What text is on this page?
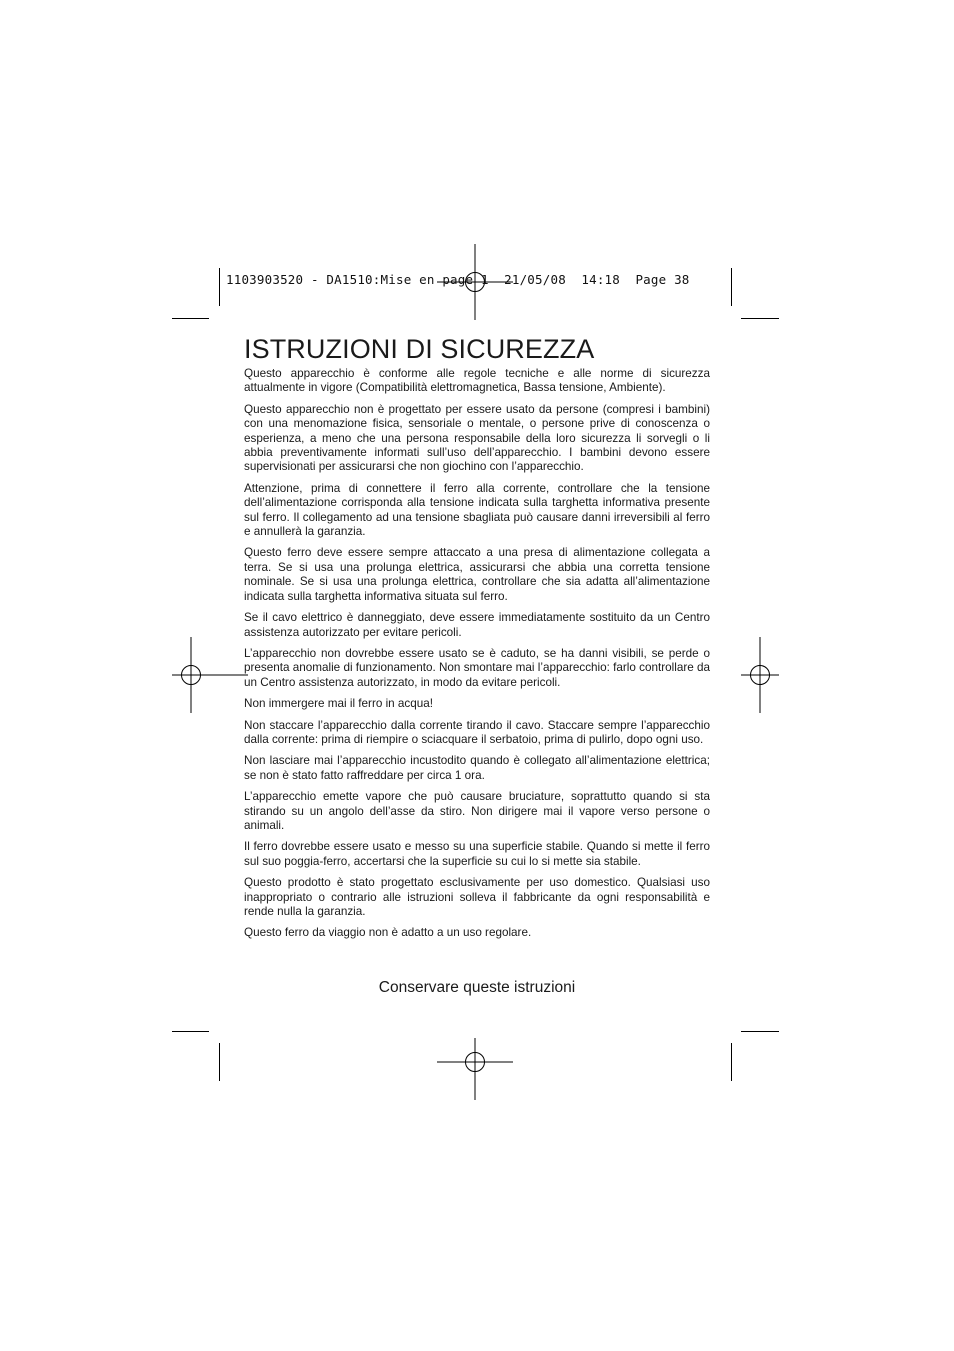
1103903520 - DA1510:Mise en page 1  21/05/08  14:18  Page 38
ISTRUZIONI DI SICUREZZA

Questo apparecchio è conforme alle regole tecniche e alle norme di sicurezza attualmente in vigore (Compatibilità elettromagnetica, Bassa tensione, Ambiente).

Questo apparecchio non è progettato per essere usato da persone (compresi i bambini) con una menomazione fisica, sensoriale o mentale, o persone prive di conoscenza o esperienza, a meno che una persona responsabile della loro sicurezza li sorvegli o li abbia preventivamente informati sull’uso dell’apparecchio. I bambini devono essere supervisionati per assicurarsi che non giochino con l’apparecchio.

Attenzione, prima di connettere il ferro alla corrente, controllare che la tensione dell’alimentazione corrisponda alla tensione indicata sulla targhetta informativa presente sul ferro. Il collegamento ad una tensione sbagliata può causare danni irreversibili al ferro e annullerà la garanzia.

Questo ferro deve essere sempre attaccato a una presa di alimentazione collegata a terra. Se si usa una prolunga elettrica, assicurarsi che abbia una corretta tensione nominale. Se si usa una prolunga elettrica, controllare che sia adatta all’alimentazione indicata sulla targhetta informativa situata sul ferro.

Se il cavo elettrico è danneggiato, deve essere immediatamente sostituito da un Centro assistenza autorizzato per evitare pericoli.

L’apparecchio non dovrebbe essere usato se è caduto, se ha danni visibili, se perde o presenta anomalie di funzionamento. Non smontare mai l’apparecchio: farlo controllare da un Centro assistenza autorizzato, in modo da evitare pericoli.

Non immergere mai il ferro in acqua!

Non staccare l’apparecchio dalla corrente tirando il cavo. Staccare sempre l’apparecchio dalla corrente: prima di riempire o sciacquare il serbatoio, prima di pulirlo, dopo ogni uso.

Non lasciare mai l’apparecchio incustodito quando è collegato all’alimentazione elettrica; se non è stato fatto raffreddare per circa 1 ora.

L’apparecchio emette vapore che può causare bruciature, soprattutto quando si sta stirando su un angolo dell’asse da stiro. Non dirigere mai il vapore verso persone o animali.

Il ferro dovrebbe essere usato e messo su una superficie stabile. Quando si mette il ferro sul suo poggia-ferro, accertarsi che la superficie su cui lo si mette sia stabile.

Questo prodotto è stato progettato esclusivamente per uso domestico. Qualsiasi uso inappropriato o contrario alle istruzioni solleva il fabbricante da ogni responsabilità e rende nulla la garanzia.

Questo ferro da viaggio non è adatto a un uso regolare.

Conservare queste istruzioni
